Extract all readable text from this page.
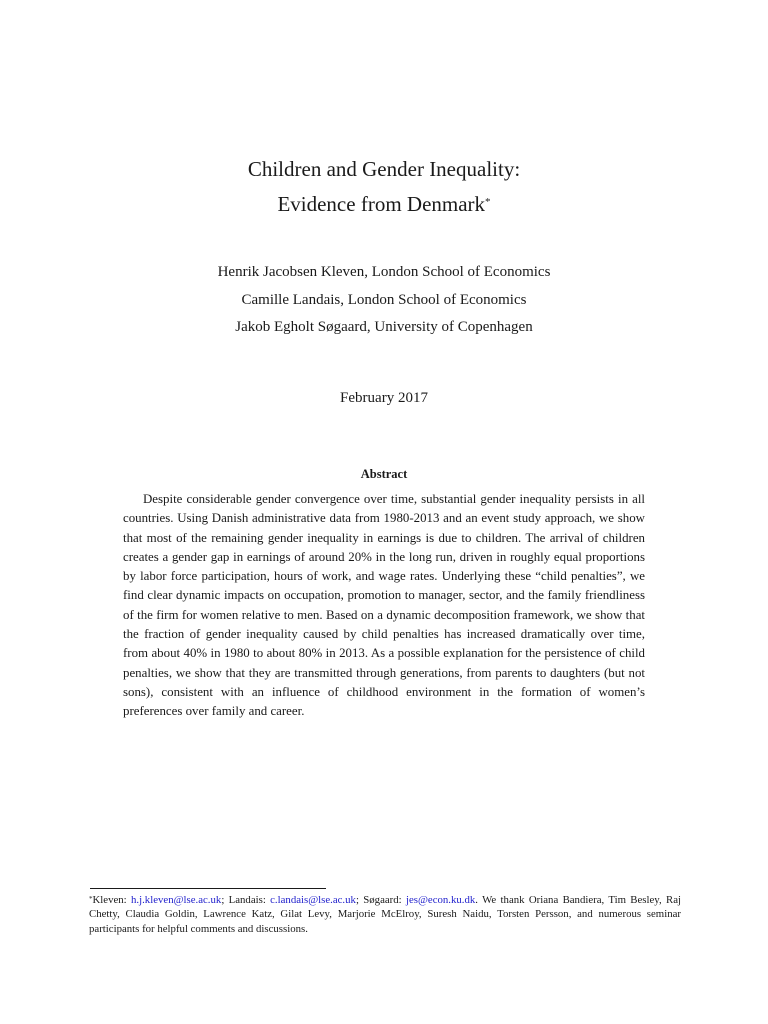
Children and Gender Inequality:
Evidence from Denmark*
Henrik Jacobsen Kleven, London School of Economics
Camille Landais, London School of Economics
Jakob Egholt Søgaard, University of Copenhagen
February 2017
Abstract

Despite considerable gender convergence over time, substantial gender inequality persists in all countries. Using Danish administrative data from 1980-2013 and an event study approach, we show that most of the remaining gender inequality in earnings is due to children. The arrival of children creates a gender gap in earnings of around 20% in the long run, driven in roughly equal proportions by labor force participation, hours of work, and wage rates. Underlying these “child penalties”, we find clear dynamic impacts on occupation, promotion to manager, sector, and the family friendliness of the firm for women relative to men. Based on a dynamic decomposition framework, we show that the fraction of gender inequality caused by child penalties has increased dramatically over time, from about 40% in 1980 to about 80% in 2013. As a possible explanation for the persistence of child penalties, we show that they are transmitted through generations, from parents to daughters (but not sons), consistent with an influence of childhood environment in the formation of women’s preferences over family and career.

*Kleven: h.j.kleven@lse.ac.uk; Landais: c.landais@lse.ac.uk; Søgaard: jes@econ.ku.dk. We thank Oriana Bandiera, Tim Besley, Raj Chetty, Claudia Goldin, Lawrence Katz, Gilat Levy, Marjorie McElroy, Suresh Naidu, Torsten Persson, and numerous seminar participants for helpful comments and discussions.
